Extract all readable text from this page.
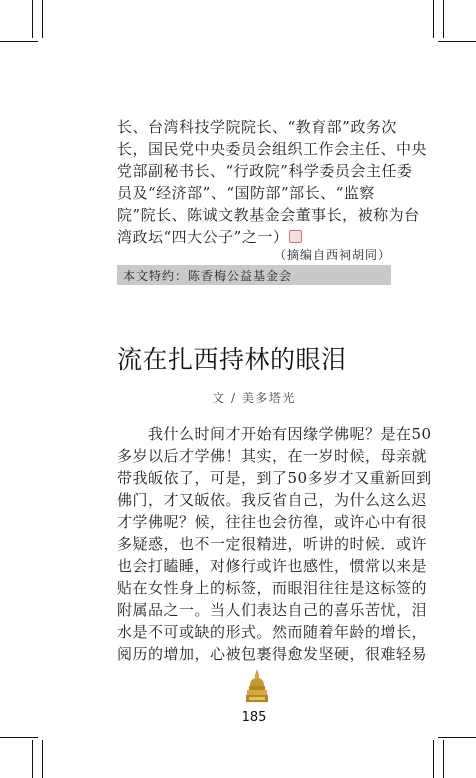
长、台湾科技学院院长、“教育部”政务次
长，国民党中央委员会组织工作会主任、中央
党部副秘书长、“行政院”科学委员会主任委
员及“经济部”、“国防部”部长、“监察
院”院长、陈诚文教基金会董事长，被称为台
湾政坛“四大公子”之一）
（摘编自西祠胡同）
本文特约：陈香梅公益基金会
流在扎西持林的眼泪
文 / 美多塔光
　　我什么时间才开始有因缘学佛呢？是在50
多岁以后才学佛！其实，在一岁时候，母亲就
带我皈依了，可是，到了50多岁才又重新回到
佛门，才又皈依。我反省自己，为什么这么迟
才学佛呢？候，往往也会彷徨，或许心中有很
多疑惑，也不一定很精进，听讲的时候．或许
也会打瞌睡，对修行或许也感性，惯常以来是
贴在女性身上的标签，而眼泪往往是这标签的
附属品之一。当人们表达自己的喜乐苦忧，泪
水是不可或缺的形式。然而随着年龄的增长，
阅历的增加，心被包裹得愈发坚硬，很难轻易
185
